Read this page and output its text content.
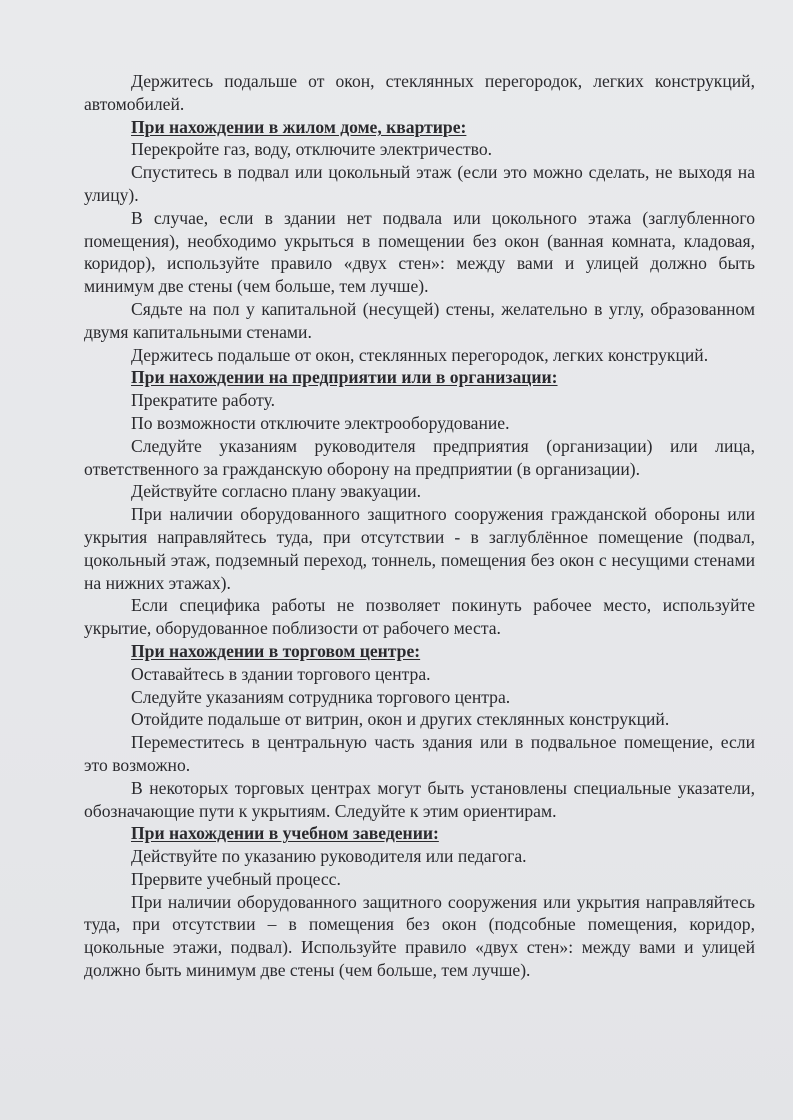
Держитесь подальше от окон, стеклянных перегородок, легких конструкций, автомобилей.

При нахождении в жилом доме, квартире:

Перекройте газ, воду, отключите электричество.

Спуститесь в подвал или цокольный этаж (если это можно сделать, не выходя на улицу).

В случае, если в здании нет подвала или цокольного этажа (заглубленного помещения), необходимо укрыться в помещении без окон (ванная комната, кладовая, коридор), используйте правило «двух стен»: между вами и улицей должно быть минимум две стены (чем больше, тем лучше).

Сядьте на пол у капитальной (несущей) стены, желательно в углу, образованном двумя капитальными стенами.

Держитесь подальше от окон, стеклянных перегородок, легких конструкций.

При нахождении на предприятии или в организации:

Прекратите работу.

По возможности отключите электрооборудование.

Следуйте указаниям руководителя предприятия (организации) или лица, ответственного за гражданскую оборону на предприятии (в организации).

Действуйте согласно плану эвакуации.

При наличии оборудованного защитного сооружения гражданской обороны или укрытия направляйтесь туда, при отсутствии - в заглублённое помещение (подвал, цокольный этаж, подземный переход, тоннель, помещения без окон с несущими стенами на нижних этажах).

Если специфика работы не позволяет покинуть рабочее место, используйте укрытие, оборудованное поблизости от рабочего места.

При нахождении в торговом центре:

Оставайтесь в здании торгового центра.

Следуйте указаниям сотрудника торгового центра.

Отойдите подальше от витрин, окон и других стеклянных конструкций.

Переместитесь в центральную часть здания или в подвальное помещение, если это возможно.

В некоторых торговых центрах могут быть установлены специальные указатели, обозначающие пути к укрытиям. Следуйте к этим ориентирам.

При нахождении в учебном заведении:

Действуйте по указанию руководителя или педагога.

Прервите учебный процесс.

При наличии оборудованного защитного сооружения или укрытия направляйтесь туда, при отсутствии – в помещения без окон (подсобные помещения, коридор, цокольные этажи, подвал). Используйте правило «двух стен»: между вами и улицей должно быть минимум две стены (чем больше, тем лучше).
